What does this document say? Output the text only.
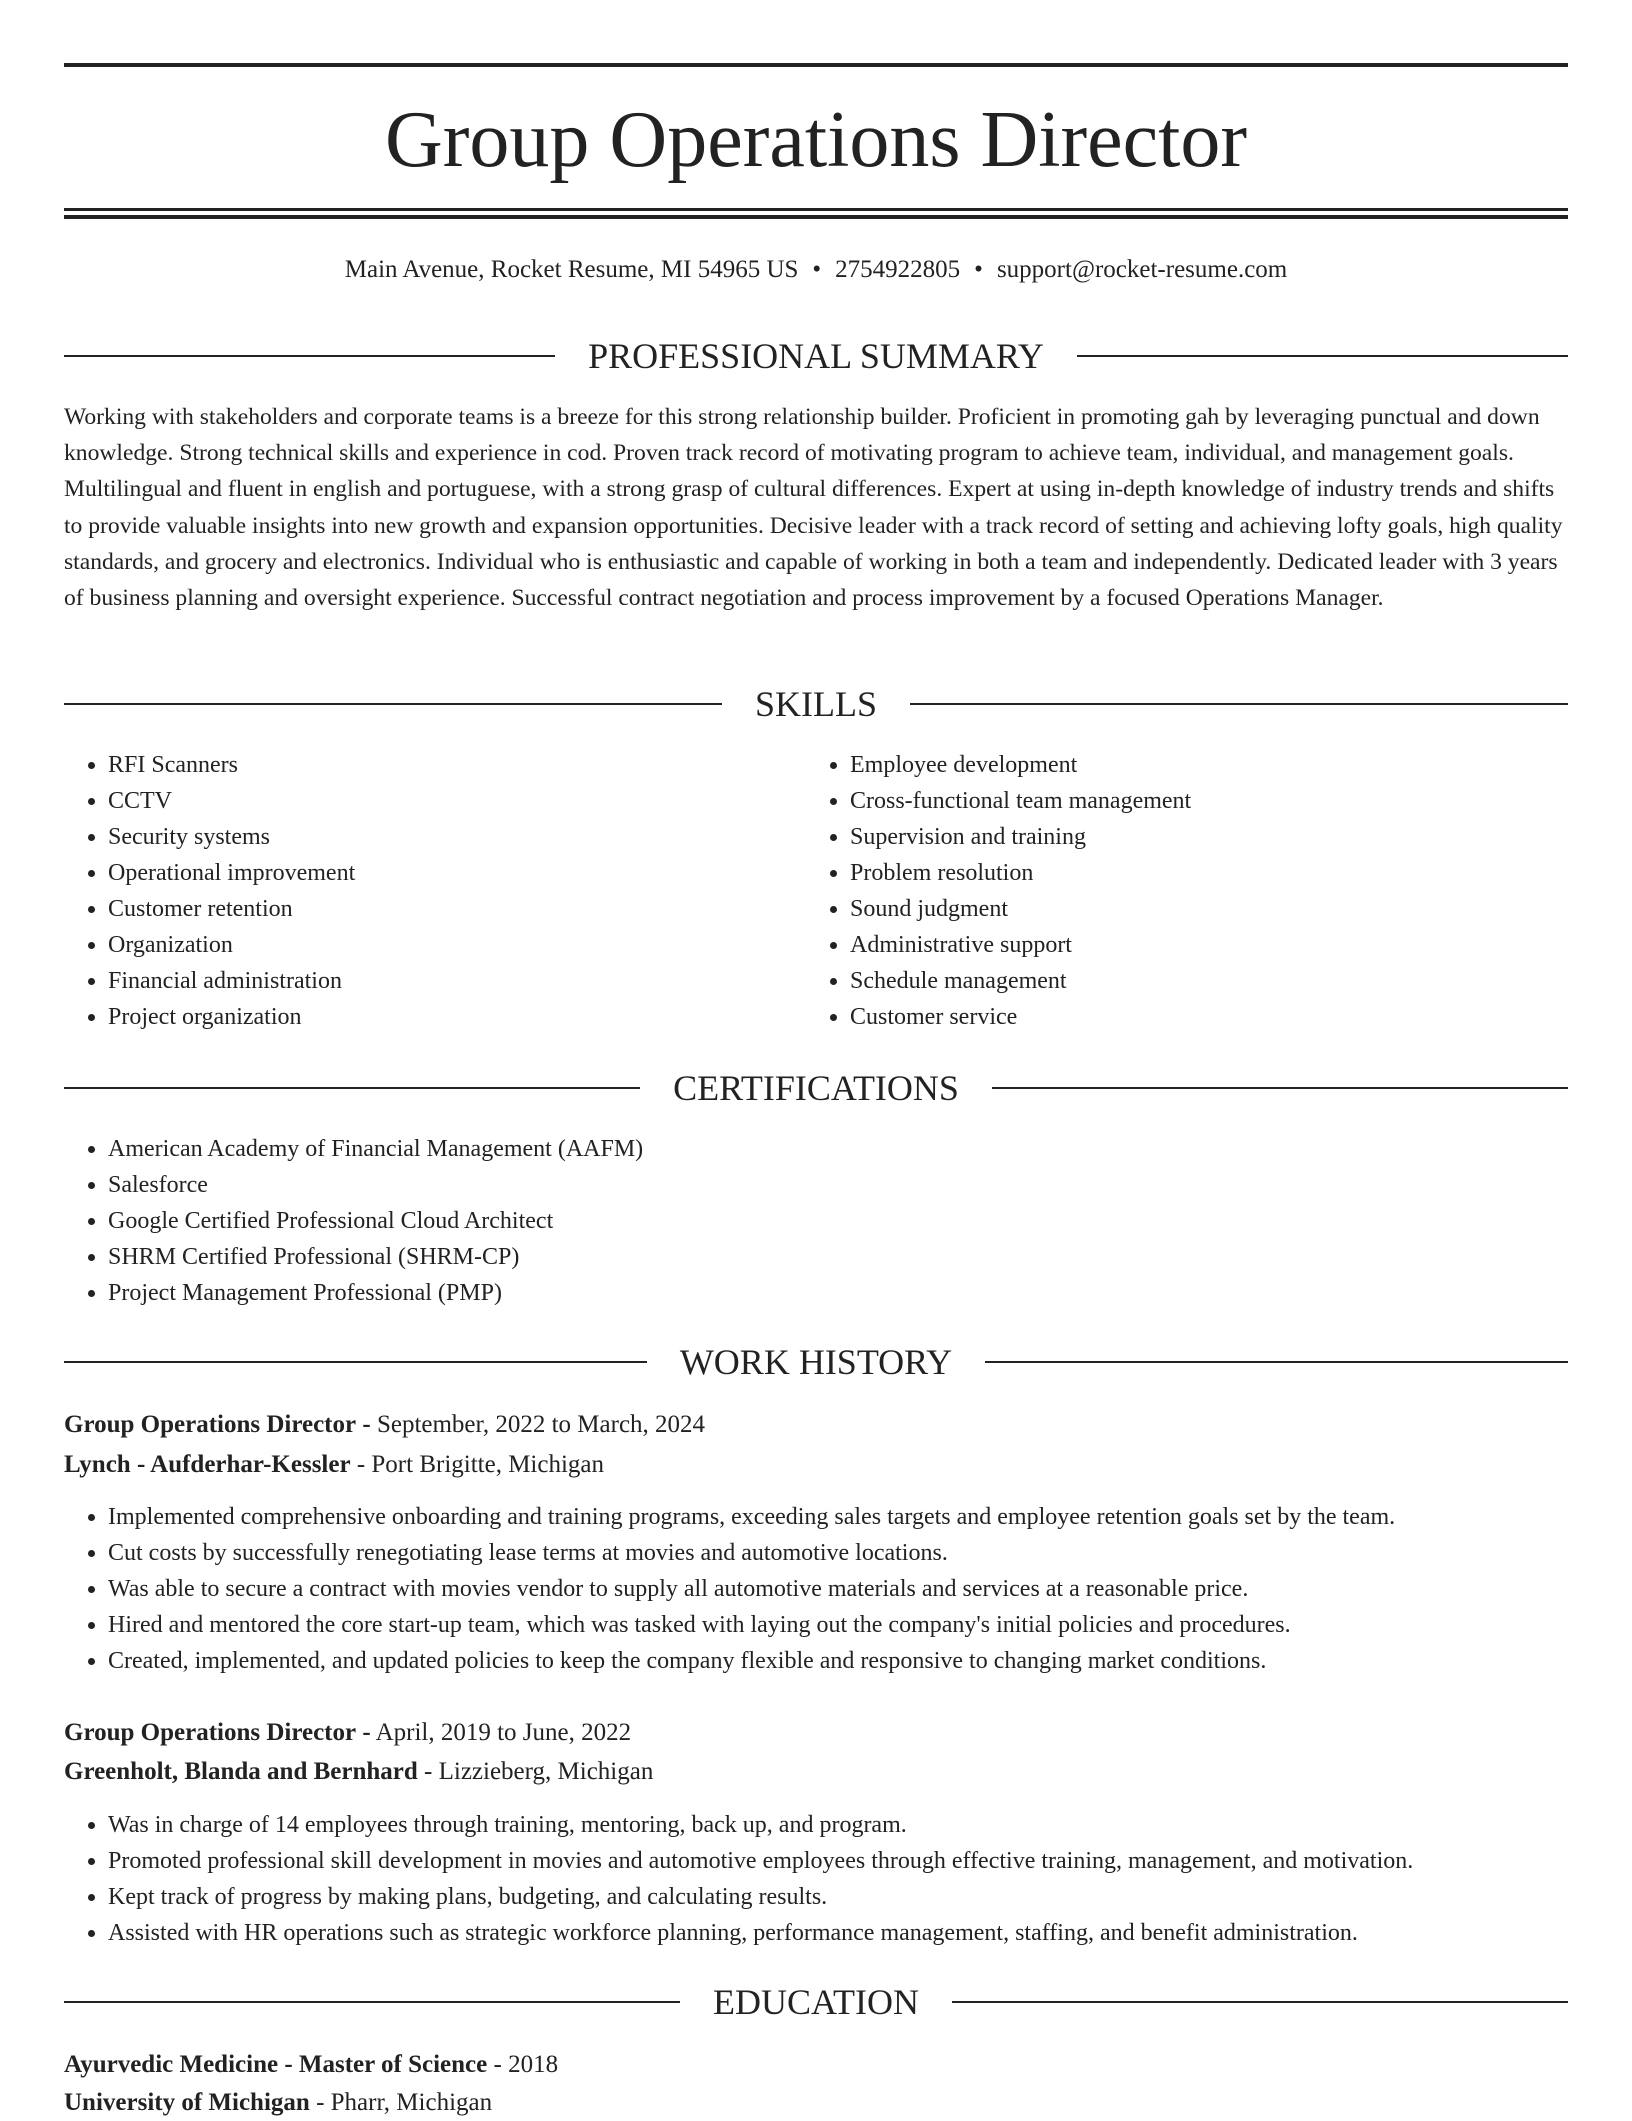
Group Operations Director
Main Avenue, Rocket Resume, MI 54965 US • 2754922805 • support@rocket-resume.com
PROFESSIONAL SUMMARY

Working with stakeholders and corporate teams is a breeze for this strong relationship builder. Proficient in promoting gah by leveraging punctual and down knowledge. Strong technical skills and experience in cod. Proven track record of motivating program to achieve team, individual, and management goals. Multilingual and fluent in english and portuguese, with a strong grasp of cultural differences. Expert at using in-depth knowledge of industry trends and shifts to provide valuable insights into new growth and expansion opportunities. Decisive leader with a track record of setting and achieving lofty goals, high quality standards, and grocery and electronics. Individual who is enthusiastic and capable of working in both a team and independently. Dedicated leader with 3 years of business planning and oversight experience. Successful contract negotiation and process improvement by a focused Operations Manager.

SKILLS
• RFI Scanners
• CCTV
• Security systems
• Operational improvement
• Customer retention
• Organization
• Financial administration
• Project organization
• Employee development
• Cross-functional team management
• Supervision and training
• Problem resolution
• Sound judgment
• Administrative support
• Schedule management
• Customer service
CERTIFICATIONS
• American Academy of Financial Management (AAFM)
• Salesforce
• Google Certified Professional Cloud Architect
• SHRM Certified Professional (SHRM-CP)
• Project Management Professional (PMP)
WORK HISTORY
Group Operations Director - September, 2022 to March, 2024
Lynch - Aufderhar-Kessler - Port Brigitte, Michigan
• Implemented comprehensive onboarding and training programs, exceeding sales targets and employee retention goals set by the team.
• Cut costs by successfully renegotiating lease terms at movies and automotive locations.
• Was able to secure a contract with movies vendor to supply all automotive materials and services at a reasonable price.
• Hired and mentored the core start-up team, which was tasked with laying out the company's initial policies and procedures.
• Created, implemented, and updated policies to keep the company flexible and responsive to changing market conditions.
Group Operations Director - April, 2019 to June, 2022
Greenholt, Blanda and Bernhard - Lizzieberg, Michigan
• Was in charge of 14 employees through training, mentoring, back up, and program.
• Promoted professional skill development in movies and automotive employees through effective training, management, and motivation.
• Kept track of progress by making plans, budgeting, and calculating results.
• Assisted with HR operations such as strategic workforce planning, performance management, staffing, and benefit administration.
EDUCATION
Ayurvedic Medicine - Master of Science - 2018
University of Michigan - Pharr, Michigan
